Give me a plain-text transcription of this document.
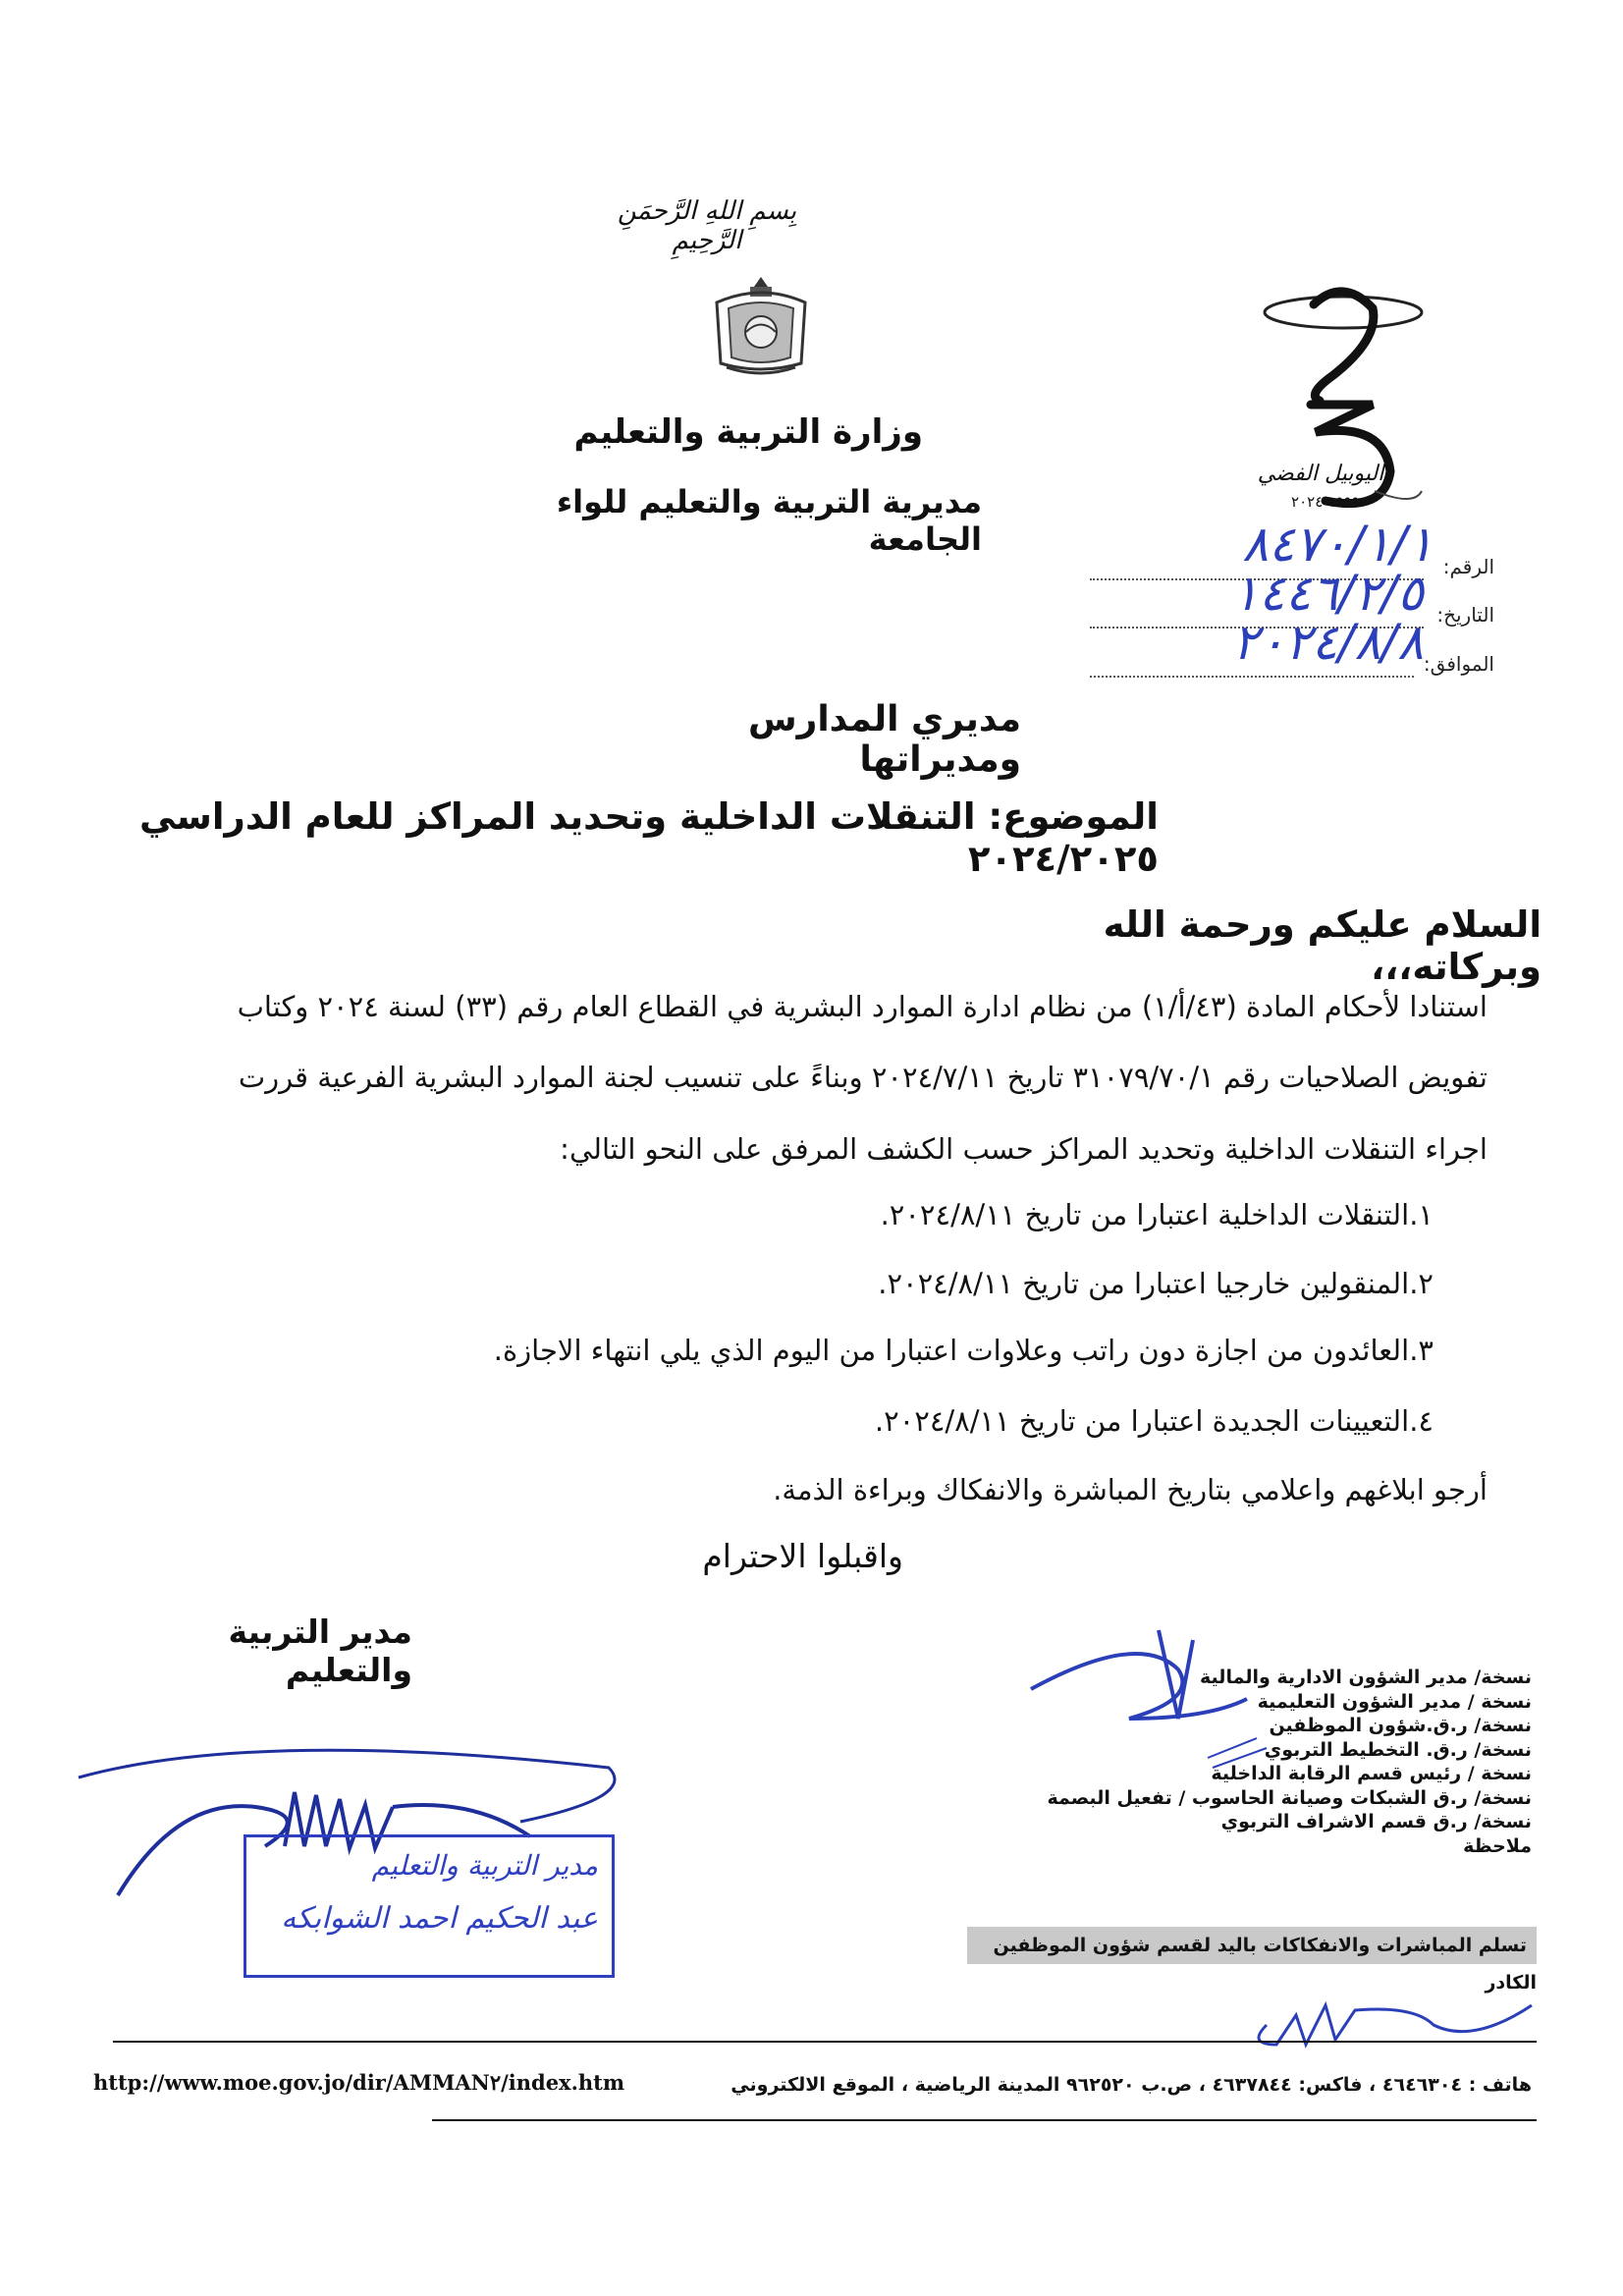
بِسمِ اللهِ الرَّحمَنِ الرَّحِيمِ
وزارة التربية والتعليم
مديرية التربية والتعليم للواء الجامعة
اليوبيل الفضي
١٩٩٩-٢٠٢٤
الرقم:
٨٤٧٠/١/١
التاريخ:
١٤٤٦/٢/٥
الموافق:
٢٠٢٤/٨/٨
مديري المدارس ومديراتها
الموضوع: التنقلات الداخلية وتحديد المراكز للعام الدراسي ٢٠٢٤/٢٠٢٥
السلام عليكم ورحمة الله وبركاته،،،
استنادا لأحكام المادة (٤٣/أ/١) من نظام ادارة الموارد البشرية في القطاع العام رقم (٣٣) لسنة ٢٠٢٤ وكتاب
تفويض الصلاحيات رقم ٣١٠٧٩/٧٠/١ تاريخ ٢٠٢٤/٧/١١ وبناءً على تنسيب لجنة الموارد البشرية الفرعية قررت
اجراء التنقلات الداخلية وتحديد المراكز حسب الكشف المرفق على النحو التالي:
١.التنقلات الداخلية اعتبارا من تاريخ ٢٠٢٤/٨/١١.
٢.المنقولين خارجيا اعتبارا من تاريخ ٢٠٢٤/٨/١١.
٣.العائدون من اجازة دون راتب وعلاوات اعتبارا من اليوم الذي يلي انتهاء الاجازة.
٤.التعيينات الجديدة اعتبارا من تاريخ ٢٠٢٤/٨/١١.
أرجو ابلاغهم واعلامي بتاريخ المباشرة والانفكاك وبراءة الذمة.
واقبلوا الاحترام
مدير التربية والتعليم
مدير التربية والتعليم
عبد الحكيم احمد الشوابكه
نسخة/ مدير الشؤون الادارية والمالية
نسخة / مدير الشؤون التعليمية
نسخة/ ر.ق.شؤون الموظفين
نسخة/ ر.ق. التخطيط التربوي
نسخة / رئيس قسم الرقابة الداخلية
نسخة/ ر.ق الشبكات وصيانة الحاسوب / تفعيل البصمة
نسخة/ ر.ق قسم الاشراف التربوي
ملاحظة
تسلم المباشرات والانفكاكات باليد لقسم شؤون الموظفين الكادر
هاتف : ٤٦٤٦٣٠٤ ، فاكس: ٤٦٣٧٨٤٤ ، ص.ب ٩٦٢٥٢٠ المدينة الرياضية ، الموقع الالكتروني
http://www.moe.gov.jo/dir/AMMAN٢/index.htm
